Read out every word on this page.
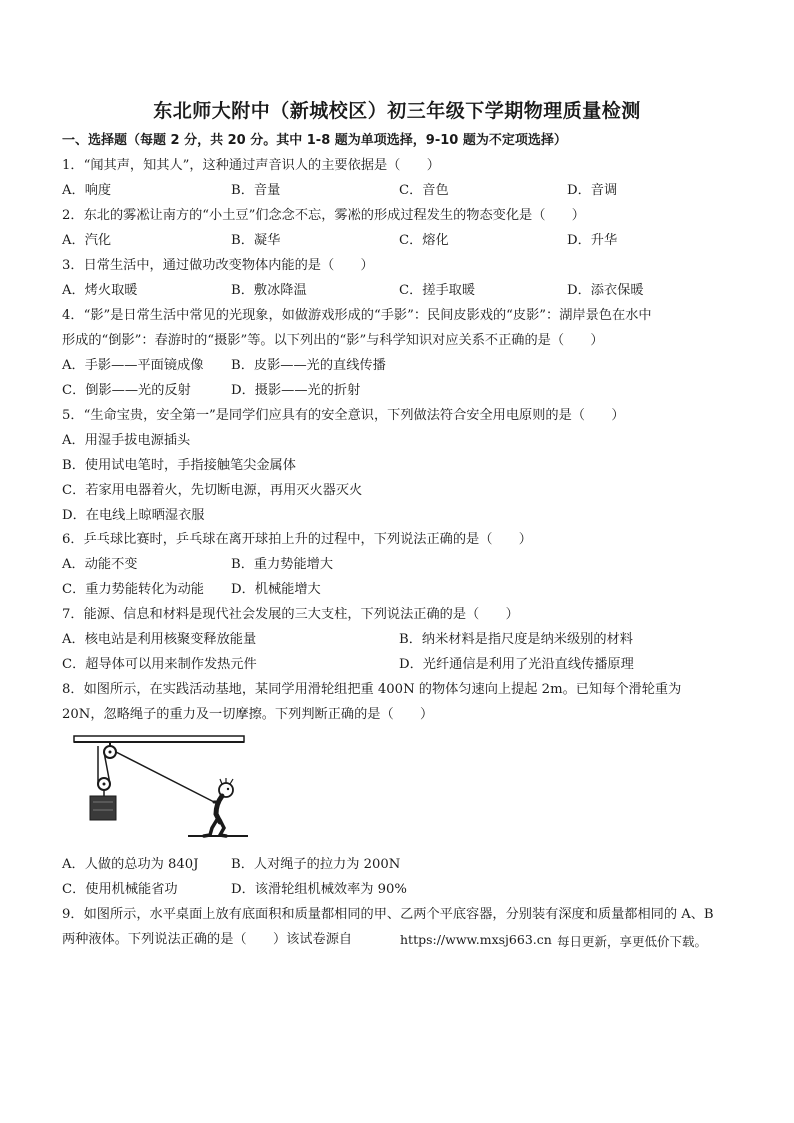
东北师大附中（新城校区）初三年级下学期物理质量检测
一、选择题（每题 2 分，共 20 分。其中 1-8 题为单项选择，9-10 题为不定项选择）
1．“闻其声，知其人”，这种通过声音识人的主要依据是（　　）
A．响度	B．音量	C．音色	D．音调
2．东北的雾凇让南方的“小土豆”们念念不忘，雾凇的形成过程发生的物态变化是（　　）
A．汽化	B．凝华	C．熔化	D．升华
3．日常生活中，通过做功改变物体内能的是（　　）
A．烤火取暖	B．敷冰降温	C．搓手取暖	D．添衣保暖
4．“影”是日常生活中常见的光现象，如做游戏形成的“手影”：民间皮影戏的“皮影”：湖岸景色在水中
形成的“倒影”：春游时的“摄影”等。以下列出的“影”与科学知识对应关系不正确的是（　　）
A．手影——平面镜成像 B．皮影——光的直线传播
C．倒影——光的反射	D．摄影——光的折射
5．“生命宝贵，安全第一”是同学们应具有的安全意识，下列做法符合安全用电原则的是（　　）
A．用湿手拔电源插头
B．使用试电笔时，手指接触笔尖金属体
C．若家用电器着火，先切断电源，再用灭火器灭火
D．在电线上晾晒湿衣服
6．乒乓球比赛时，乒乓球在离开球拍上升的过程中，下列说法正确的是（　　）
A．动能不变	B．重力势能增大
C．重力势能转化为动能 D．机械能增大
7．能源、信息和材料是现代社会发展的三大支柱，下列说法正确的是（　　）
A．核电站是利用核聚变释放能量	B．纳米材料是指尺度是纳米级别的材料
C．超导体可以用来制作发热元件	D．光纤通信是利用了光沿直线传播原理
8．如图所示，在实践活动基地，某同学用滑轮组把重 400N 的物体匀速向上提起 2m。已知每个滑轮重为
20N，忽略绳子的重力及一切摩擦。下列判断正确的是（　　）
A．人做的总功为 840J B．人对绳子的拉力为 200N
C．使用机械能省功	D．该滑轮组机械效率为 90%
9．如图所示，水平桌面上放有底面积和质量都相同的甲、乙两个平底容器，分别装有深度和质量都相同的 A、B
两种液体。下列说法正确的是（　　）该试卷源自	https://www.mxsj663.cn 每日更新，享更低价下载。
